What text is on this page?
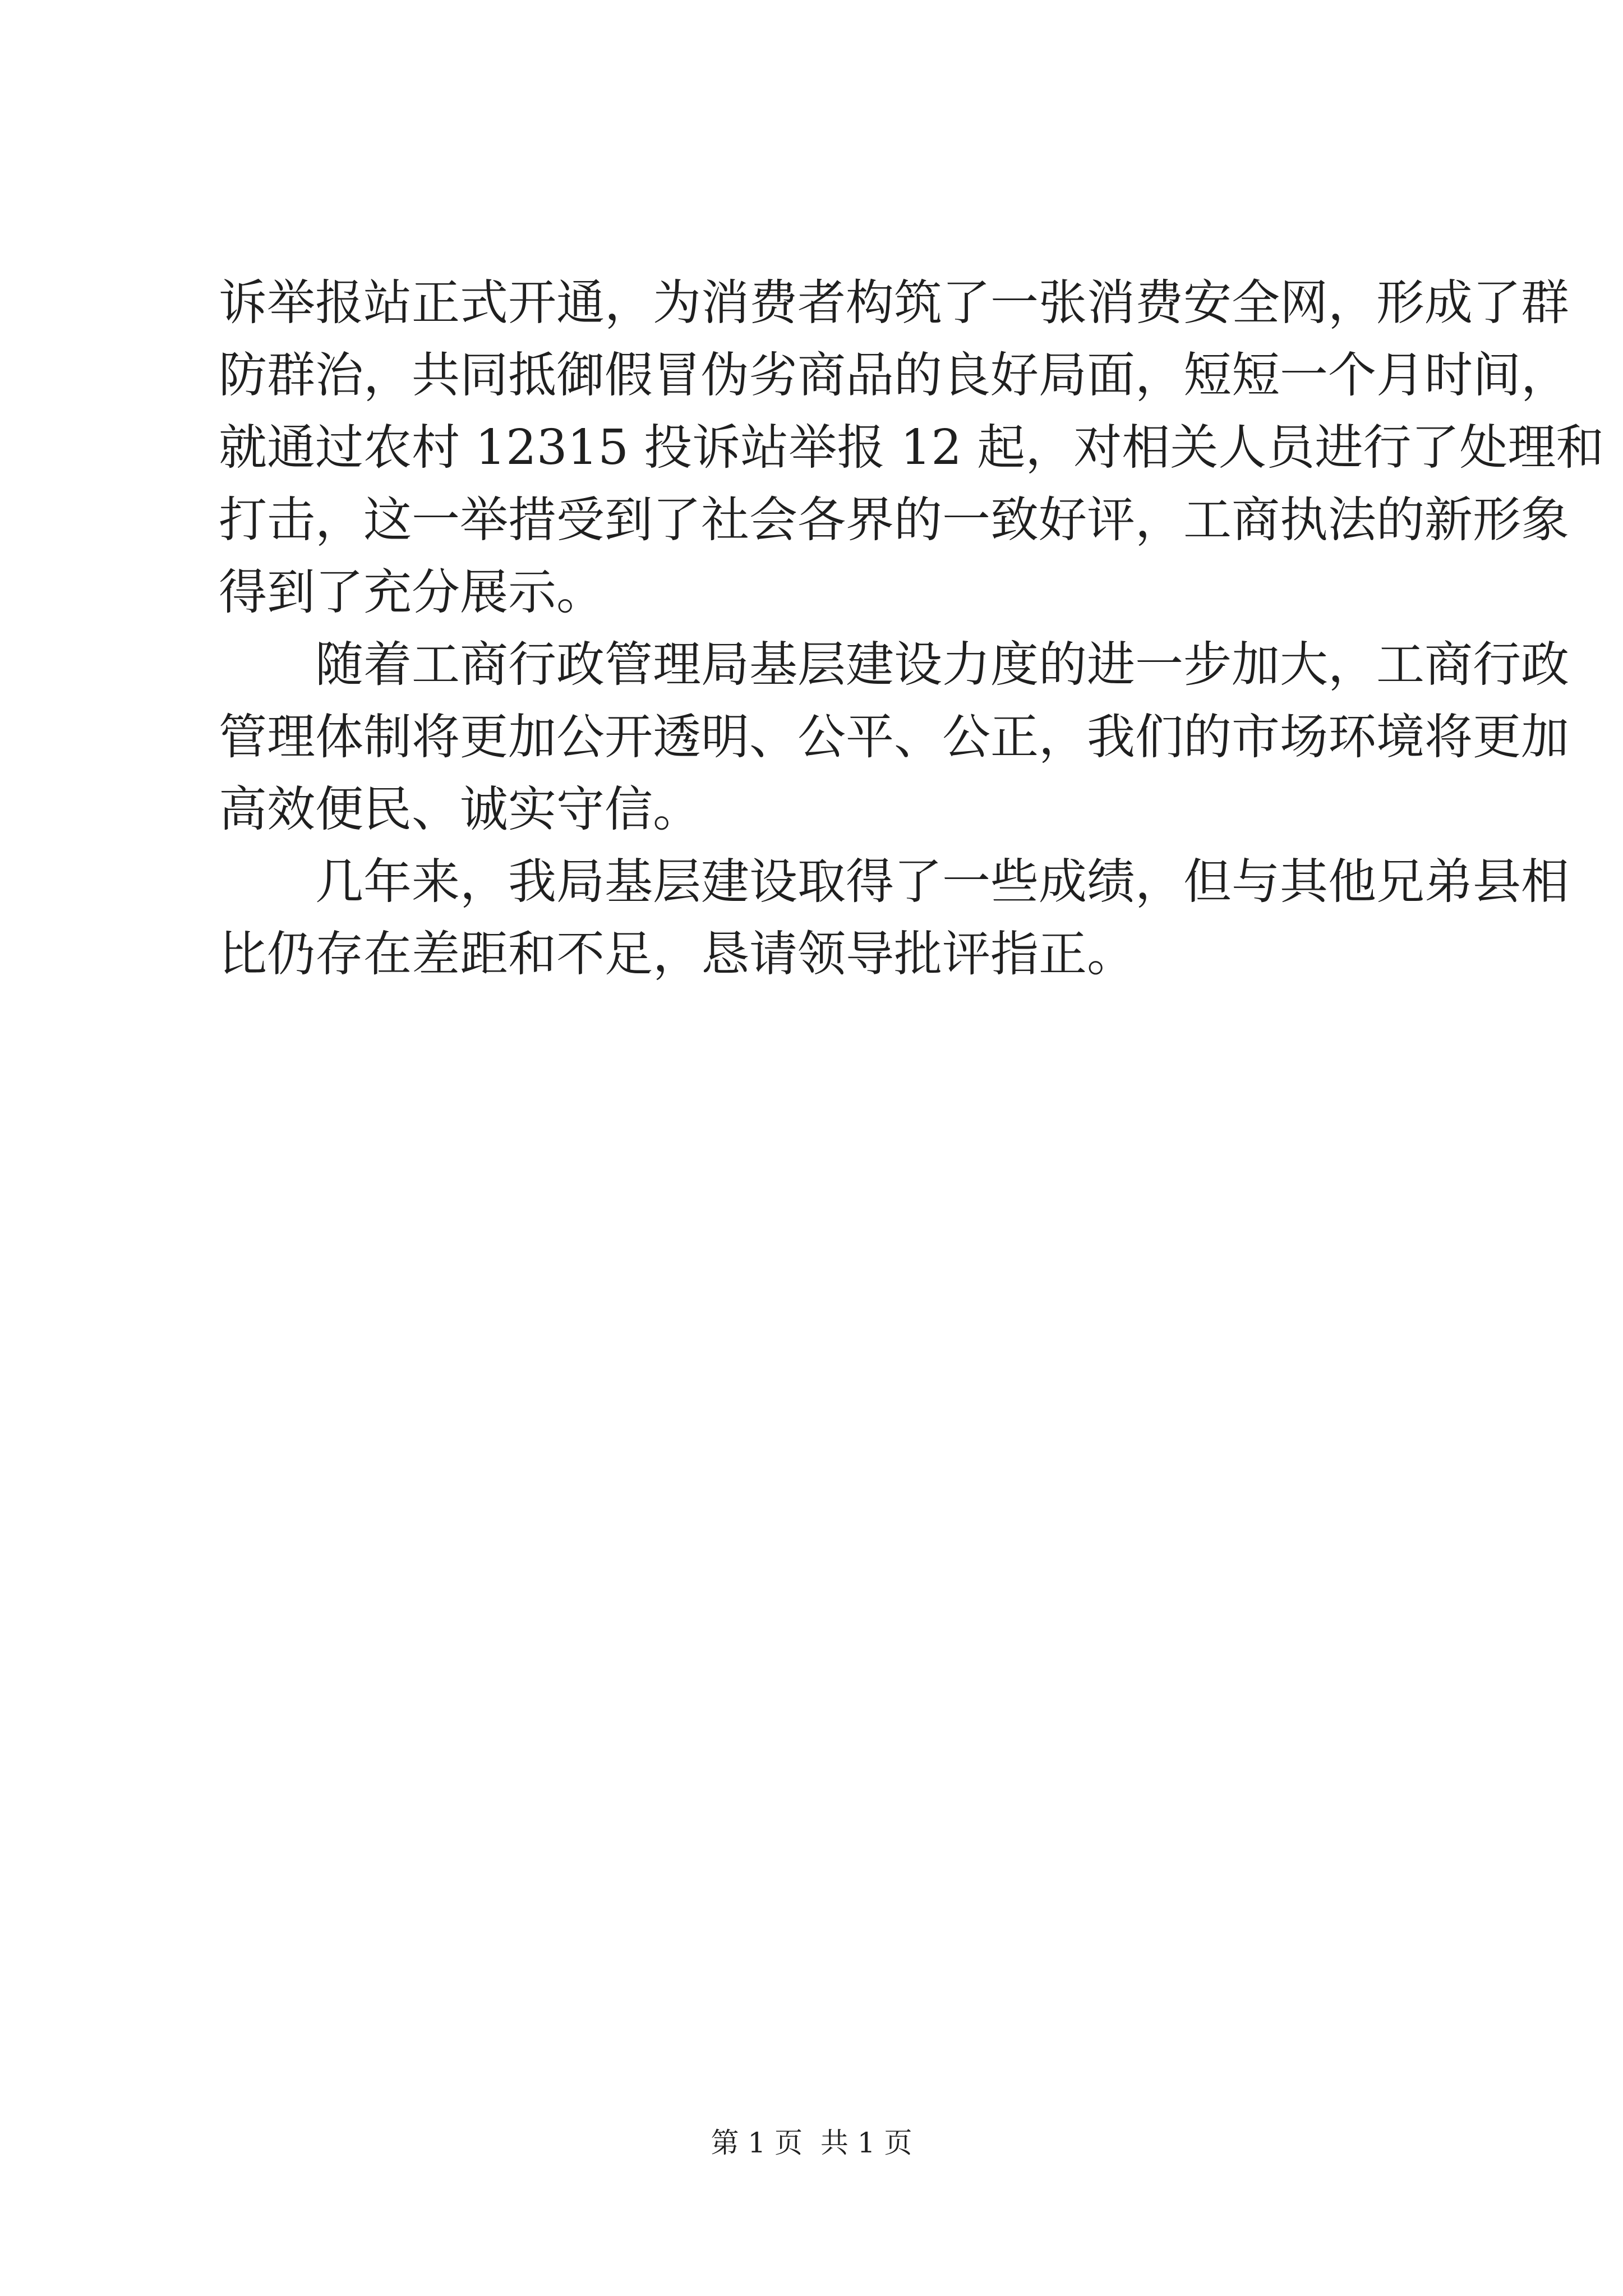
诉举报站正式开通，为消费者构筑了一张消费安全网，形成了群
防群治，共同抵御假冒伪劣商品的良好局面，短短一个月时间，
就通过农村 12315 投诉站举报 12 起，对相关人员进行了处理和
打击，这一举措受到了社会各界的一致好评，工商执法的新形象
得到了充分展示。
随着工商行政管理局基层建设力度的进一步加大，工商行政
管理体制将更加公开透明、公平、公正，我们的市场环境将更加
高效便民、诚实守信。
几年来，我局基层建设取得了一些成绩，但与其他兄弟县相
比仍存在差距和不足，恳请领导批评指正。
第 1 页  共 1 页
